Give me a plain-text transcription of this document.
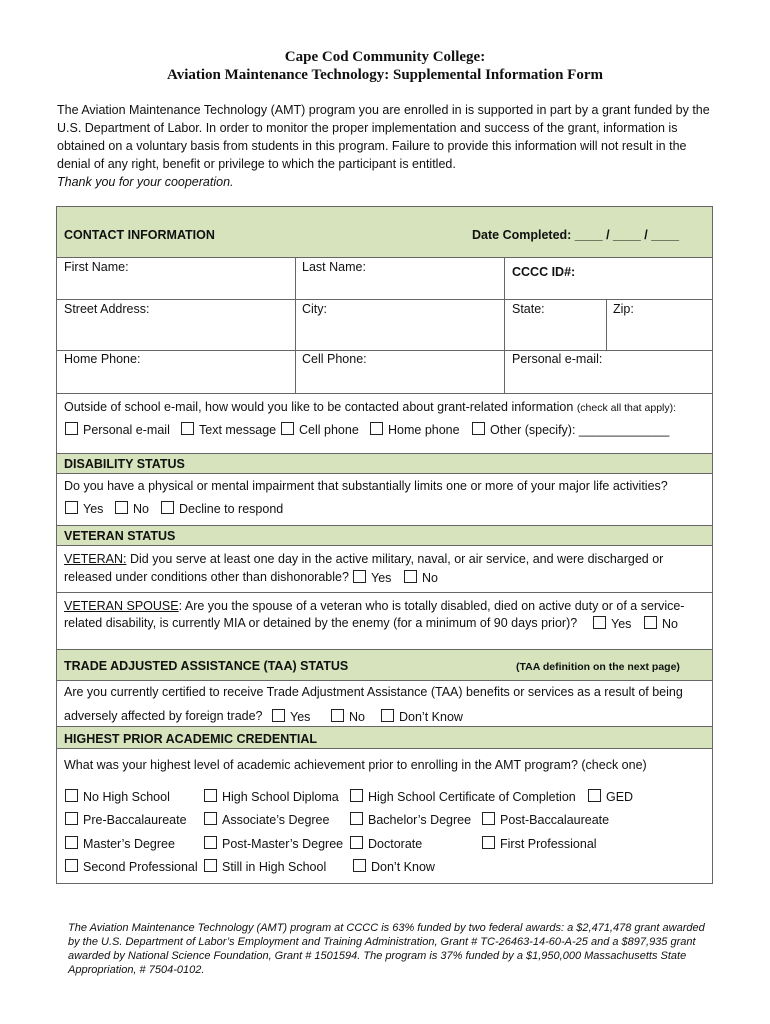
Cape Cod Community College:
Aviation Maintenance Technology: Supplemental Information Form
The Aviation Maintenance Technology (AMT) program you are enrolled in is supported in part by a grant funded by the U.S. Department of Labor. In order to monitor the proper implementation and success of the grant, information is obtained on a voluntary basis from students in this program. Failure to provide this information will not result in the denial of any right, benefit or privilege to which the participant is entitled.
Thank you for your cooperation.
CONTACT INFORMATION	Date Completed: ____ / ____ / ____
First Name:	Last Name:	CCCC ID#:
Street Address:	City:	State:	Zip:
Home Phone:	Cell Phone:	Personal e-mail:
Outside of school e-mail, how would you like to be contacted about grant-related information (check all that apply):
Personal e-mail	Text message	Cell phone	Home phone	Other (specify): _____________
DISABILITY STATUS
Do you have a physical or mental impairment that substantially limits one or more of your major life activities?
Yes	No	Decline to respond
VETERAN STATUS
VETERAN: Did you serve at least one day in the active military, naval, or air service, and were discharged or
released under conditions other than dishonorable?	Yes	No
VETERAN SPOUSE: Are you the spouse of a veteran who is totally disabled, died on active duty or of a service-
related disability, is currently MIA or detained by the enemy (for a minimum of 90 days prior)?	Yes	No
TRADE ADJUSTED ASSISTANCE (TAA) STATUS	(TAA definition on the next page)
Are you currently certified to receive Trade Adjustment Assistance (TAA) benefits or services as a result of being
adversely affected by foreign trade?	Yes	No	Don’t Know
HIGHEST PRIOR ACADEMIC CREDENTIAL
What was your highest level of academic achievement prior to enrolling in the AMT program? (check one)
No High School	High School Diploma	High School Certificate of Completion	GED
Pre-Baccalaureate	Associate’s Degree	Bachelor’s Degree	Post-Baccalaureate
Master’s Degree	Post-Master’s Degree	Doctorate	First Professional
Second Professional	Still in High School	Don’t Know
The Aviation Maintenance Technology (AMT) program at CCCC is 63% funded by two federal awards: a $2,471,478 grant awarded by the U.S. Department of Labor’s Employment and Training Administration, Grant # TC-26463-14-60-A-25 and a $897,935 grant awarded by National Science Foundation, Grant # 1501594. The program is 37% funded by a $1,950,000 Massachusetts State Appropriation, # 7504-0102.
